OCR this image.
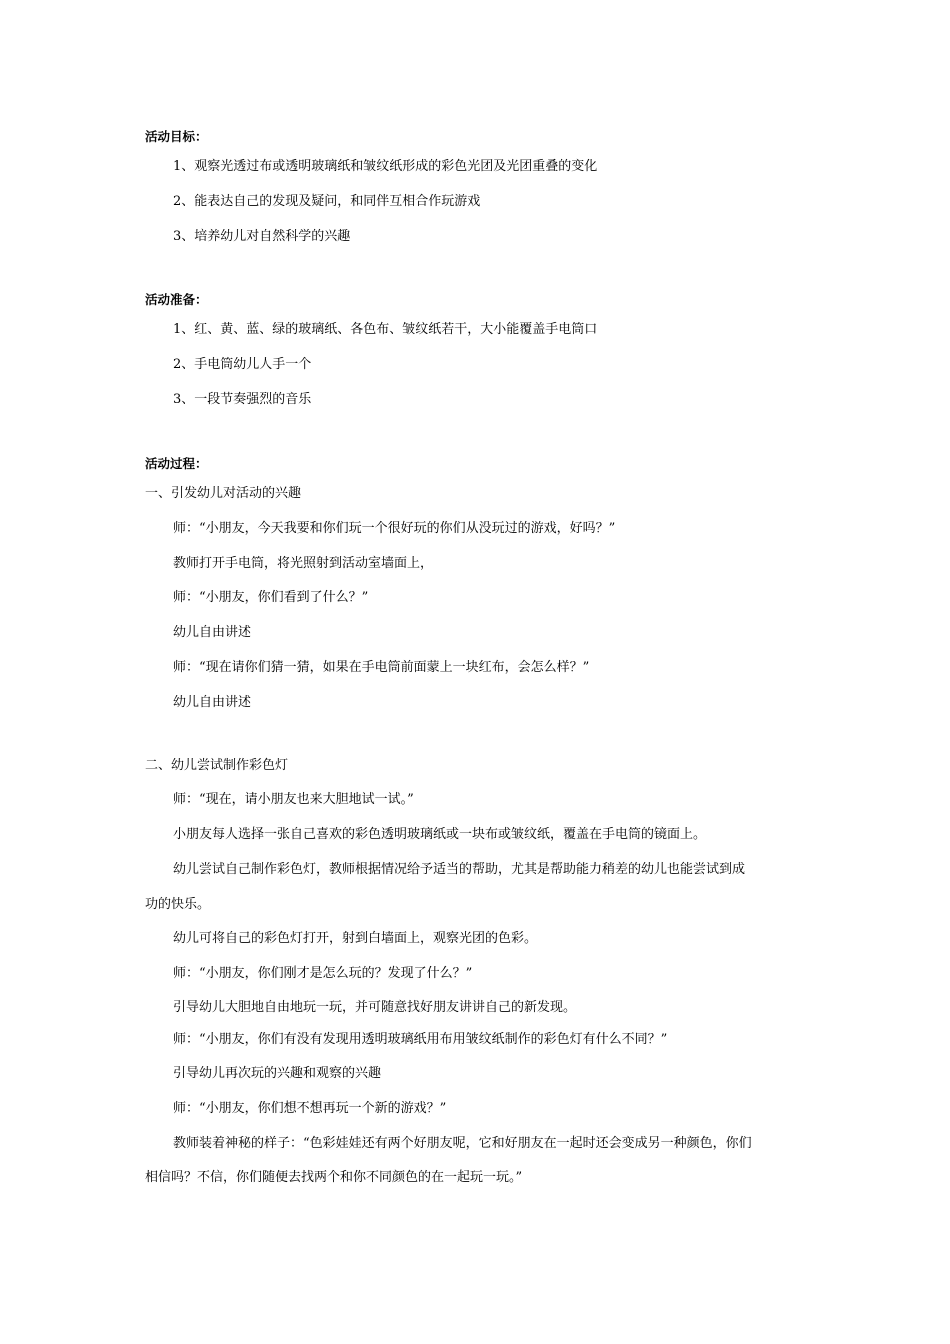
活动目标：
1、观察光透过布或透明玻璃纸和皱纹纸形成的彩色光团及光团重叠的变化
2、能表达自己的发现及疑问，和同伴互相合作玩游戏
3、培养幼儿对自然科学的兴趣
活动准备：
1、红、黄、蓝、绿的玻璃纸、各色布、皱纹纸若干，大小能覆盖手电筒口
2、手电筒幼儿人手一个
3、一段节奏强烈的音乐
活动过程：
一、引发幼儿对活动的兴趣
师：“小朋友，今天我要和你们玩一个很好玩的你们从没玩过的游戏，好吗？”
教师打开手电筒，将光照射到活动室墙面上，
师：“小朋友，你们看到了什么？”
幼儿自由讲述
师：“现在请你们猜一猜，如果在手电筒前面蒙上一块红布，会怎么样？”
幼儿自由讲述
二、幼儿尝试制作彩色灯
师：“现在，请小朋友也来大胆地试一试。”
小朋友每人选择一张自己喜欢的彩色透明玻璃纸或一块布或皱纹纸，覆盖在手电筒的镜面上。
幼儿尝试自己制作彩色灯，教师根据情况给予适当的帮助，尤其是帮助能力稍差的幼儿也能尝试到成
功的快乐。
幼儿可将自己的彩色灯打开，射到白墙面上，观察光团的色彩。
师：“小朋友，你们刚才是怎么玩的？发现了什么？”
引导幼儿大胆地自由地玩一玩，并可随意找好朋友讲讲自己的新发现。
师：“小朋友，你们有没有发现用透明玻璃纸用布用皱纹纸制作的彩色灯有什么不同？”
引导幼儿再次玩的兴趣和观察的兴趣
师：“小朋友，你们想不想再玩一个新的游戏？”
教师装着神秘的样子：“色彩娃娃还有两个好朋友呢，它和好朋友在一起时还会变成另一种颜色，你们
相信吗？不信，你们随便去找两个和你不同颜色的在一起玩一玩。”
